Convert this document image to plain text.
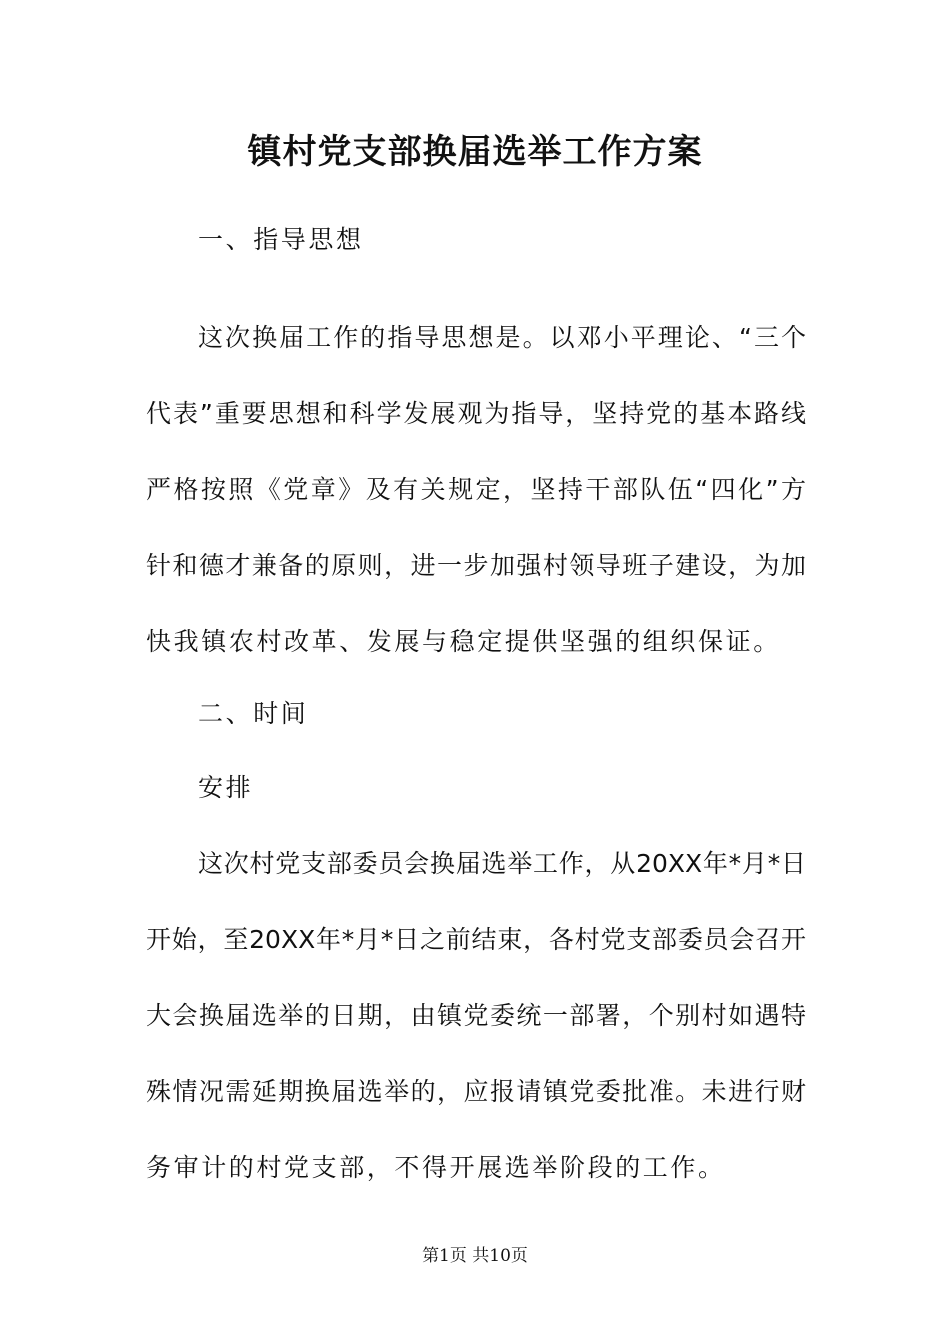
镇村党支部换届选举工作方案
一、指导思想
这次换届工作的指导思想是。以邓小平理论、“三个
代表”重要思想和科学发展观为指导，坚持党的基本路线
严格按照《党章》及有关规定，坚持干部队伍“四化”方
针和德才兼备的原则，进一步加强村领导班子建设，为加
快我镇农村改革、发展与稳定提供坚强的组织保证。
二、时间
安排
这次村党支部委员会换届选举工作，从20XX年*月*日
开始，至20XX年*月*日之前结束，各村党支部委员会召开
大会换届选举的日期，由镇党委统一部署，个别村如遇特
殊情况需延期换届选举的，应报请镇党委批准。未进行财
务审计的村党支部，不得开展选举阶段的工作。
第1页 共10页
